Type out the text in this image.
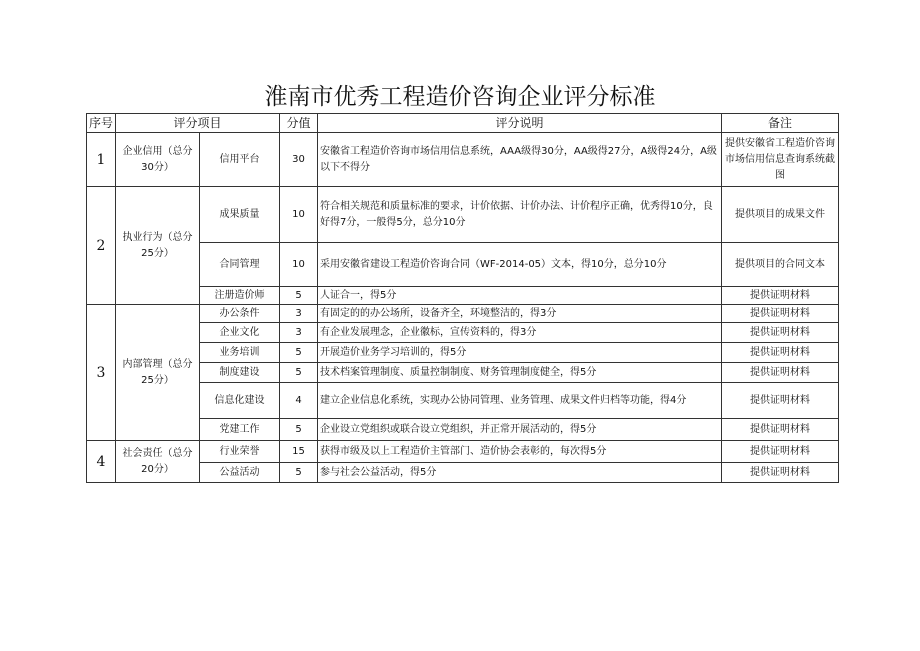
淮南市优秀工程造价咨询企业评分标准
序号	评分项目		分值	评分说明	备注
1	企业信用（总分30分）	信用平台	30	安徽省工程造价咨询市场信用信息系统，AAA级得30分，AA级得27分，A级得24分，A级以下不得分	提供安徽省工程造价咨询市场信用信息查询系统截图
2	执业行为（总分25分）	成果质量	10	符合相关规范和质量标准的要求，计价依据、计价办法、计价程序正确，优秀得10分，良好得7分，一般得5分，总分10分	提供项目的成果文件
		合同管理	10	采用安徽省建设工程造价咨询合同（WF-2014-05）文本，得10分，总分10分	提供项目的合同文本
		注册造价师	5	人证合一，得5分	提供证明材料
3	内部管理（总分25分）	办公条件	3	有固定的的办公场所，设备齐全，环境整洁的，得3分	提供证明材料
		企业文化	3	有企业发展理念，企业徽标，宣传资料的，得3分	提供证明材料
		业务培训	5	开展造价业务学习培训的，得5分	提供证明材料
		制度建设	5	技术档案管理制度、质量控制制度、财务管理制度健全，得5分	提供证明材料
		信息化建设	4	建立企业信息化系统，实现办公协同管理、业务管理、成果文件归档等功能，得4分	提供证明材料
		党建工作	5	企业设立党组织或联合设立党组织，并正常开展活动的，得5分	提供证明材料
4	社会责任（总分20分）	行业荣誉	15	获得市级及以上工程造价主管部门、造价协会表彰的，每次得5分	提供证明材料
		公益活动	5	参与社会公益活动，得5分	提供证明材料
